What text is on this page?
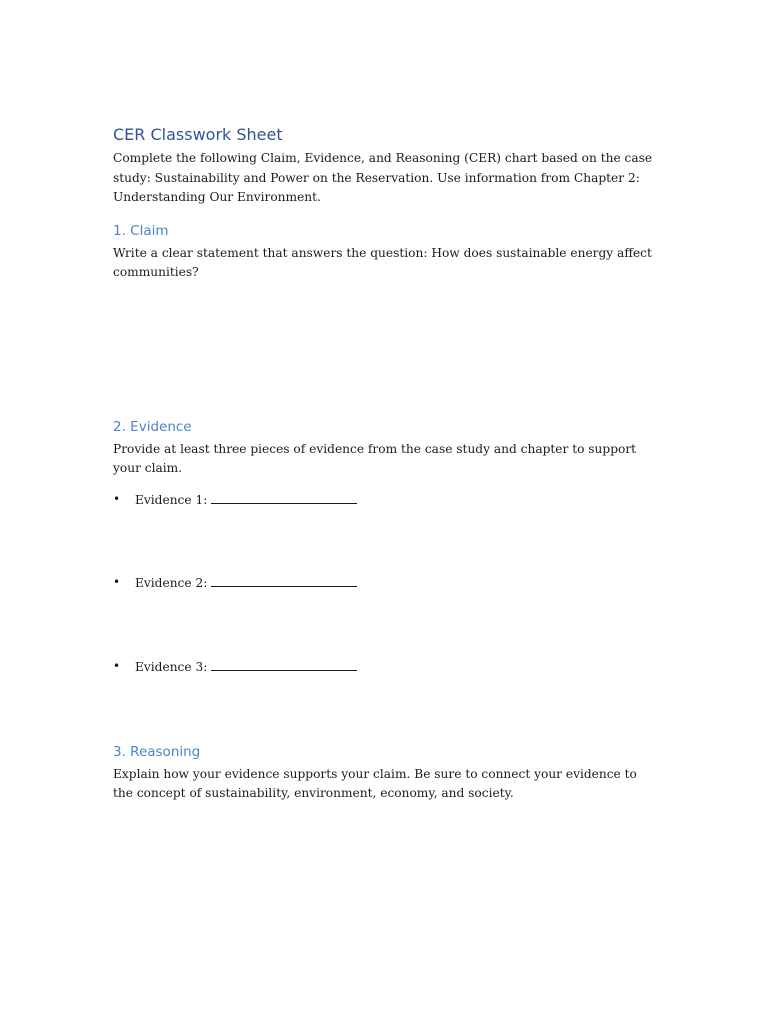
CER Classwork Sheet

Complete the following Claim, Evidence, and Reasoning (CER) chart based on the case study: Sustainability and Power on the Reservation. Use information from Chapter 2: Understanding Our Environment.

1. Claim

Write a clear statement that answers the question: How does sustainable energy affect communities?

2. Evidence

Provide at least three pieces of evidence from the case study and chapter to support your claim.

• Evidence 1:
• Evidence 2:
• Evidence 3:
3. Reasoning

Explain how your evidence supports your claim. Be sure to connect your evidence to the concept of sustainability, environment, economy, and society.
